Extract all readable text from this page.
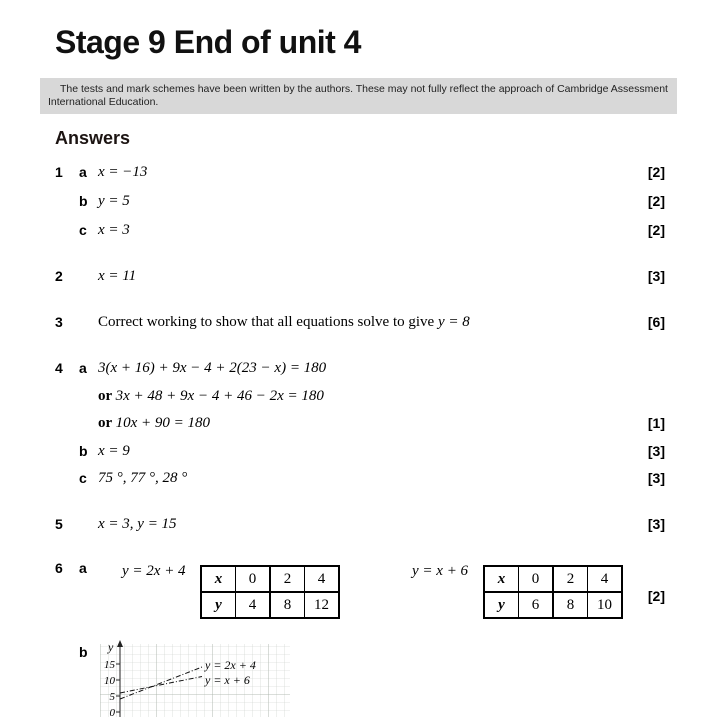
Stage 9 End of unit 4
The tests and mark schemes have been written by the authors. These may not fully reflect the approach of Cambridge Assessment International Education.
Answers
1 a x = −13	[2]
b y = 5	[2]
c x = 3	[2]
2 x = 11	[3]
3 Correct working to show that all equations solve to give y = 8	[6]
4 a 3(x + 16) + 9x − 4 + 2(23 − x) = 180
or 3x + 48 + 9x − 4 + 46 − 2x = 180
or 10x + 90 = 180	[1]
b x = 9	[3]
c 75 °, 77 °, 28 °	[3]
5 x = 3, y = 15	[3]
6 a y = 2x + 4 x	0	2	4
y	4	8	12
y = x + 6 x	0	2	4
y	6	8	10
[2]
b y
15
10
5
0
y = 2x + 4
y = x + 6
